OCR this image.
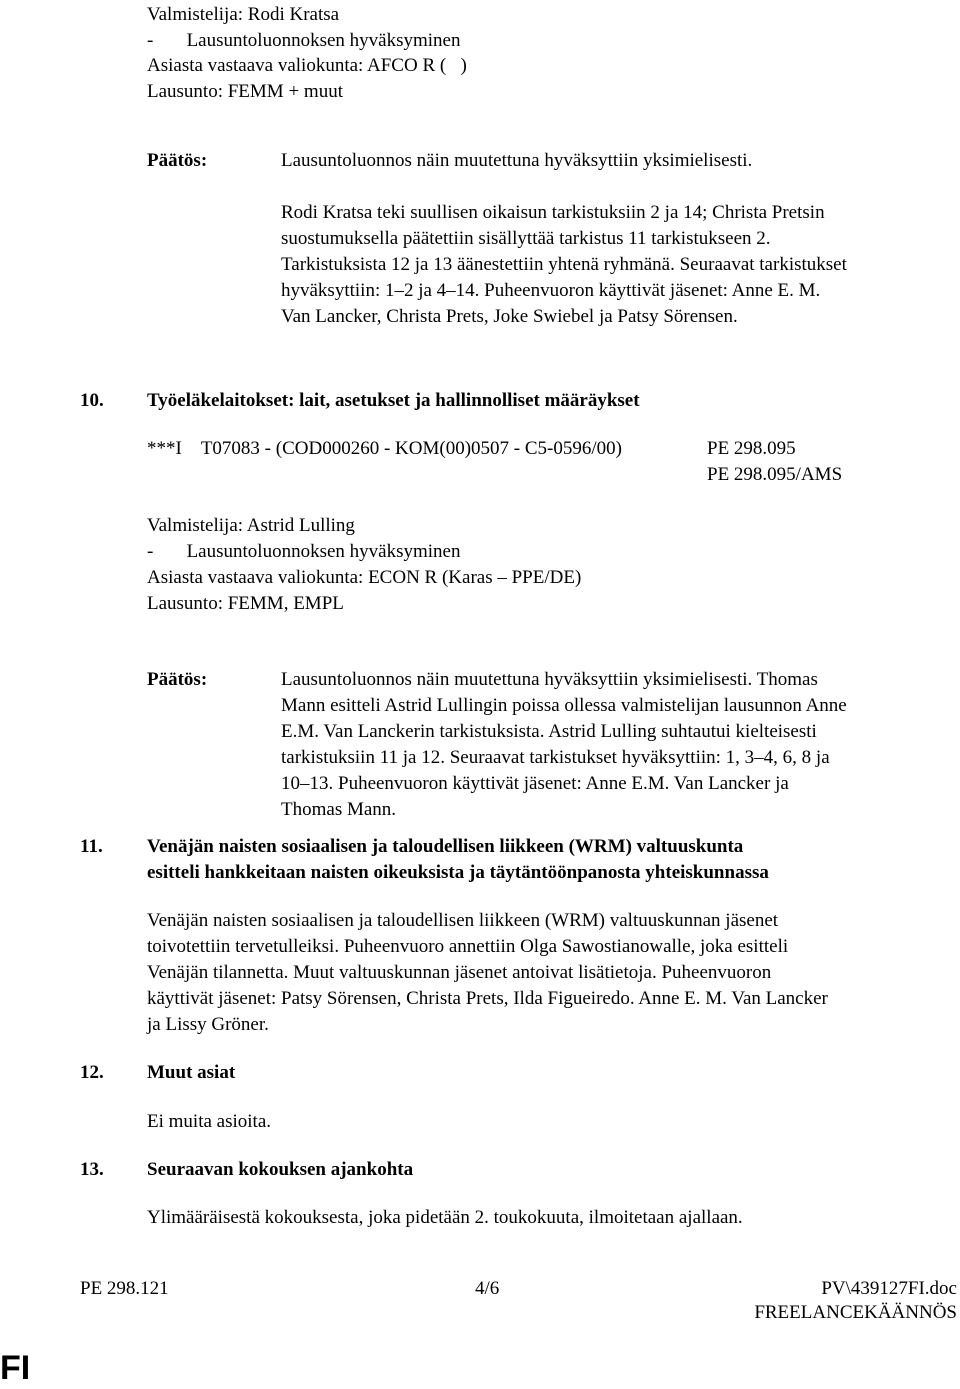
Valmistelija: Rodi Kratsa
-       Lausuntoluonnoksen hyväksyminen
Asiasta vastaava valiokunta: AFCO R (   )
Lausunto: FEMM + muut
Päätös:	Lausuntoluonnos näin muutettuna hyväksyttiin yksimielisesti.
Rodi Kratsa teki suullisen oikaisun tarkistuksiin 2 ja 14; Christa Pretsin
suostumuksella päätettiin sisällyttää tarkistus 11 tarkistukseen 2.
Tarkistuksista 12 ja 13 äänestettiin yhtenä ryhmänä. Seuraavat tarkistukset
hyväksyttiin: 1–2 ja 4–14. Puheenvuoron käyttivät jäsenet: Anne E. M.
Van Lancker, Christa Prets, Joke Swiebel ja Patsy Sörensen.
10. Työeläkelaitokset: lait, asetukset ja hallinnolliset määräykset
***I    T07083 - (COD000260 - KOM(00)0507 - C5-0596/00)	PE 298.095
PE 298.095/AMS
Valmistelija: Astrid Lulling
-       Lausuntoluonnoksen hyväksyminen
Asiasta vastaava valiokunta: ECON R (Karas – PPE/DE)
Lausunto: FEMM, EMPL
Päätös:	Lausuntoluonnos näin muutettuna hyväksyttiin yksimielisesti. Thomas
Mann esitteli Astrid Lullingin poissa ollessa valmistelijan lausunnon Anne
E.M. Van Lanckerin tarkistuksista. Astrid Lulling suhtautui kielteisesti
tarkistuksiin 11 ja 12. Seuraavat tarkistukset hyväksyttiin: 1, 3–4, 6, 8 ja
10–13. Puheenvuoron käyttivät jäsenet: Anne E.M. Van Lancker ja
Thomas Mann.
11. Venäjän naisten sosiaalisen ja taloudellisen liikkeen (WRM) valtuuskunta
esitteli hankkeitaan naisten oikeuksista ja täytäntöönpanosta yhteiskunnassa
Venäjän naisten sosiaalisen ja taloudellisen liikkeen (WRM) valtuuskunnan jäsenet
toivotettiin tervetulleiksi. Puheenvuoro annettiin Olga Sawostianowalle, joka esitteli
Venäjän tilannetta. Muut valtuuskunnan jäsenet antoivat lisätietoja. Puheenvuoron
käyttivät jäsenet: Patsy Sörensen, Christa Prets, Ilda Figueiredo. Anne E. M. Van Lancker
ja Lissy Gröner.
12. Muut asiat
Ei muita asioita.
13. Seuraavan kokouksen ajankohta
Ylimääräisestä kokouksesta, joka pidetään 2. toukokuuta, ilmoitetaan ajallaan.
PE 298.121	4/6	PV\439127FI.doc
FREELANCEKÄÄNNÖS
FI
